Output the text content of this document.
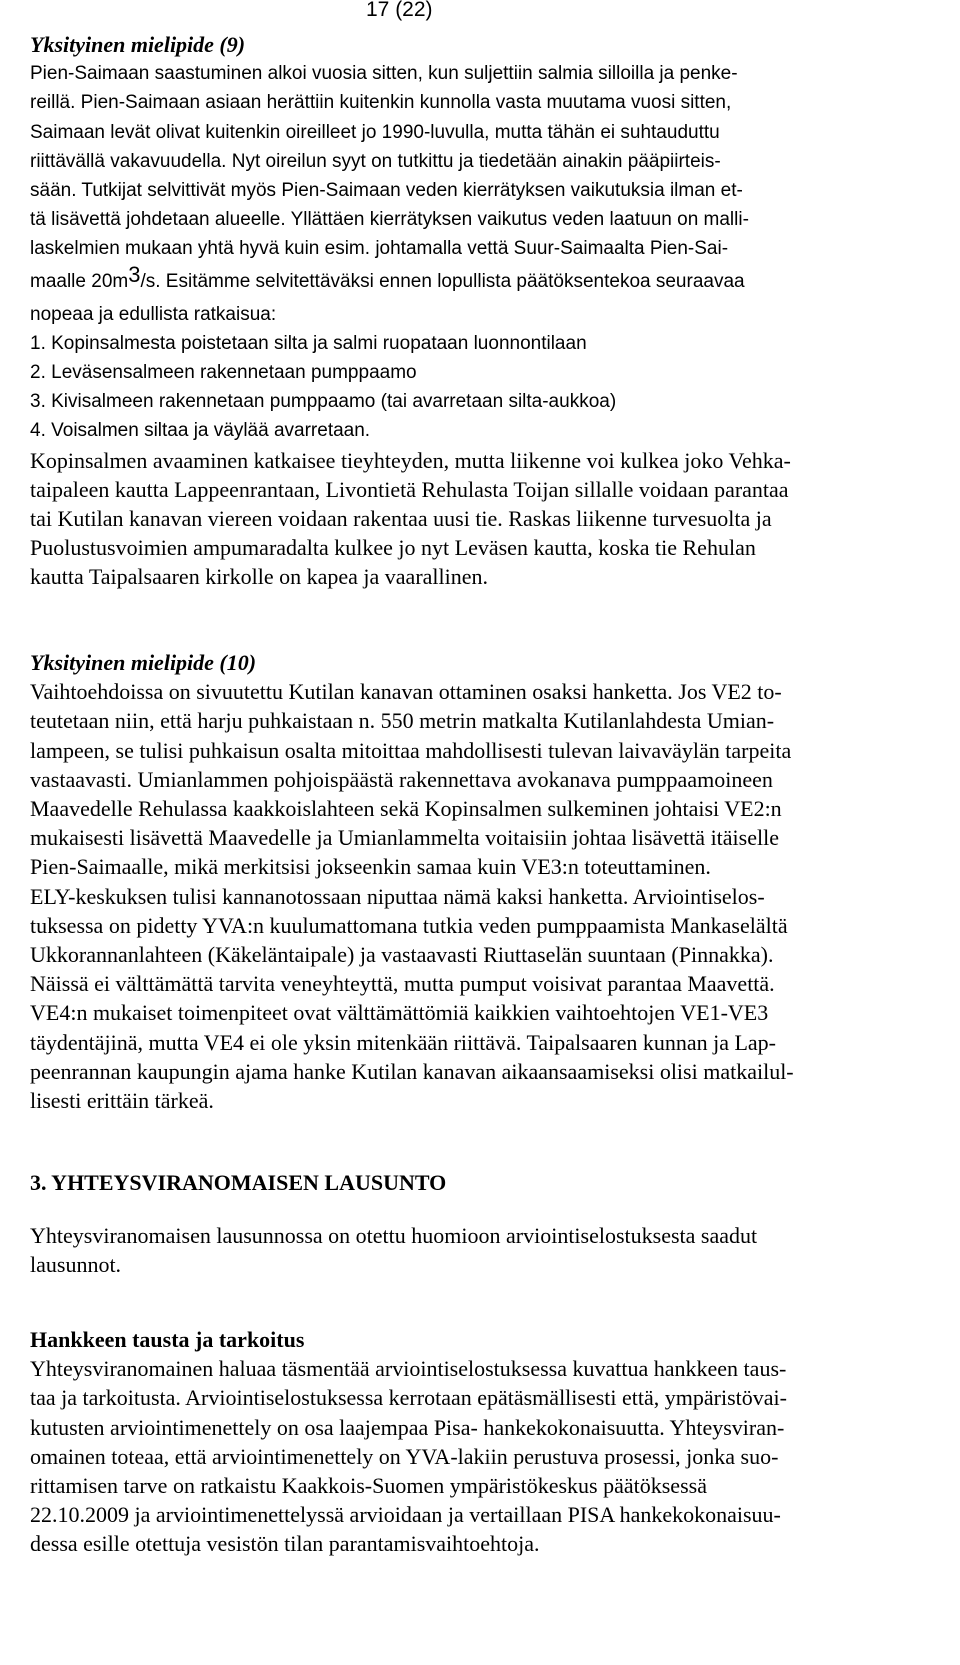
17 (22)
Yksityinen mielipide (9)
Pien-Saimaan saastuminen alkoi vuosia sitten, kun suljettiin salmia silloilla ja penke-
reillä. Pien-Saimaan asiaan herättiin kuitenkin kunnolla vasta muutama vuosi sitten,
Saimaan levät olivat kuitenkin oireilleet jo 1990-luvulla, mutta tähän ei suhtauduttu
riittävällä vakavuudella. Nyt oireilun syyt on tutkittu ja tiedetään ainakin pääpiirteis-
sään. Tutkijat selvittivät myös Pien-Saimaan veden kierrätyksen vaikutuksia ilman et-
tä lisävettä johdetaan alueelle. Yllättäen kierrätyksen vaikutus veden laatuun on malli-
laskelmien mukaan yhtä hyvä kuin esim. johtamalla vettä Suur-Saimaalta Pien-Sai-
maalle $20m^3/s$. Esitämme selvitettäväksi ennen lopullista päätöksentekoa seuraavaa
nopeaa ja edullista ratkaisua:
1. Kopinsalmesta poistetaan silta ja salmi ruopataan luonnontilaan
2. Leväsensalmeen rakennetaan pumppaamo
3. Kivisalmeen rakennetaan pumppaamo (tai avarretaan silta-aukkoa)
4. Voisalmen siltaa ja väylää avarretaan.
Kopinsalmen avaaminen katkaisee tieyhteyden, mutta liikenne voi kulkea joko Vehka-
taipaleen kautta Lappeenrantaan, Livontietä Rehulasta Toijan sillalle voidaan parantaa
tai Kutilan kanavan viereen voidaan rakentaa uusi tie. Raskas liikenne turvesuolta ja
Puolustusvoimien ampumaradalta kulkee jo nyt Leväsen kautta, koska tie Rehulan
kautta Taipalsaaren kirkolle on kapea ja vaarallinen.
Yksityinen mielipide (10)
Vaihtoehdoissa on sivuutettu Kutilan kanavan ottaminen osaksi hanketta. Jos VE2 to-
teutetaan niin, että harju puhkaistaan n. 550 metrin matkalta Kutilanlahdesta Umian-
lampeen, se tulisi puhkaisun osalta mitoittaa mahdollisesti tulevan laivaväylän tarpeita
vastaavasti. Umianlammen pohjoispäästä rakennettava avokanava pumppaamoineen
Maavedelle Rehulassa kaakkoislahteen sekä Kopinsalmen sulkeminen johtaisi VE2:n
mukaisesti lisävettä Maavedelle ja Umianlammelta voitaisiin johtaa lisävettä itäiselle
Pien-Saimaalle, mikä merkitsisi jokseenkin samaa kuin VE3:n toteuttaminen.
ELY-keskuksen tulisi kannanotossaan niputtaa nämä kaksi hanketta. Arviointiselos-
tuksessa on pidetty YVA:n kuulumattomana tutkia veden pumppaamista Mankaselältä
Ukkorannanlahteen (Käkeläntaipale) ja vastaavasti Riuttaselän suuntaan (Pinnakka).
Näissä ei välttämättä tarvita veneyhteyttä, mutta pumput voisivat parantaa Maavettä.
VE4:n mukaiset toimenpiteet ovat välttämättömiä kaikkien vaihtoehtojen VE1-VE3
täydentäjinä, mutta VE4 ei ole yksin mitenkään riittävä. Taipalsaaren kunnan ja Lap-
peenrannan kaupungin ajama hanke Kutilan kanavan aikaansaamiseksi olisi matkailul-
lisesti erittäin tärkeä.
3. YHTEYSVIRANOMAISEN LAUSUNTO
Yhteysviranomaisen lausunnossa on otettu huomioon arviointiselostuksesta saadut
lausunnot.
Hankkeen tausta ja tarkoitus
Yhteysviranomainen haluaa täsmentää arviointiselostuksessa kuvattua hankkeen taus-
taa ja tarkoitusta. Arviointiselostuksessa kerrotaan epätäsmällisesti että, ympäristövai-
kutusten arviointimenettely on osa laajempaa Pisa- hankekokonaisuutta. Yhteysviran-
omainen toteaa, että arviointimenettely on YVA-lakiin perustuva prosessi, jonka suo-
rittamisen tarve on ratkaistu Kaakkois-Suomen ympäristökeskus päätöksessä
22.10.2009 ja arviointimenettelyssä arvioidaan ja vertaillaan PISA hankekokonaisuu-
dessa esille otettuja vesistön tilan parantamisvaihtoehtoja.
